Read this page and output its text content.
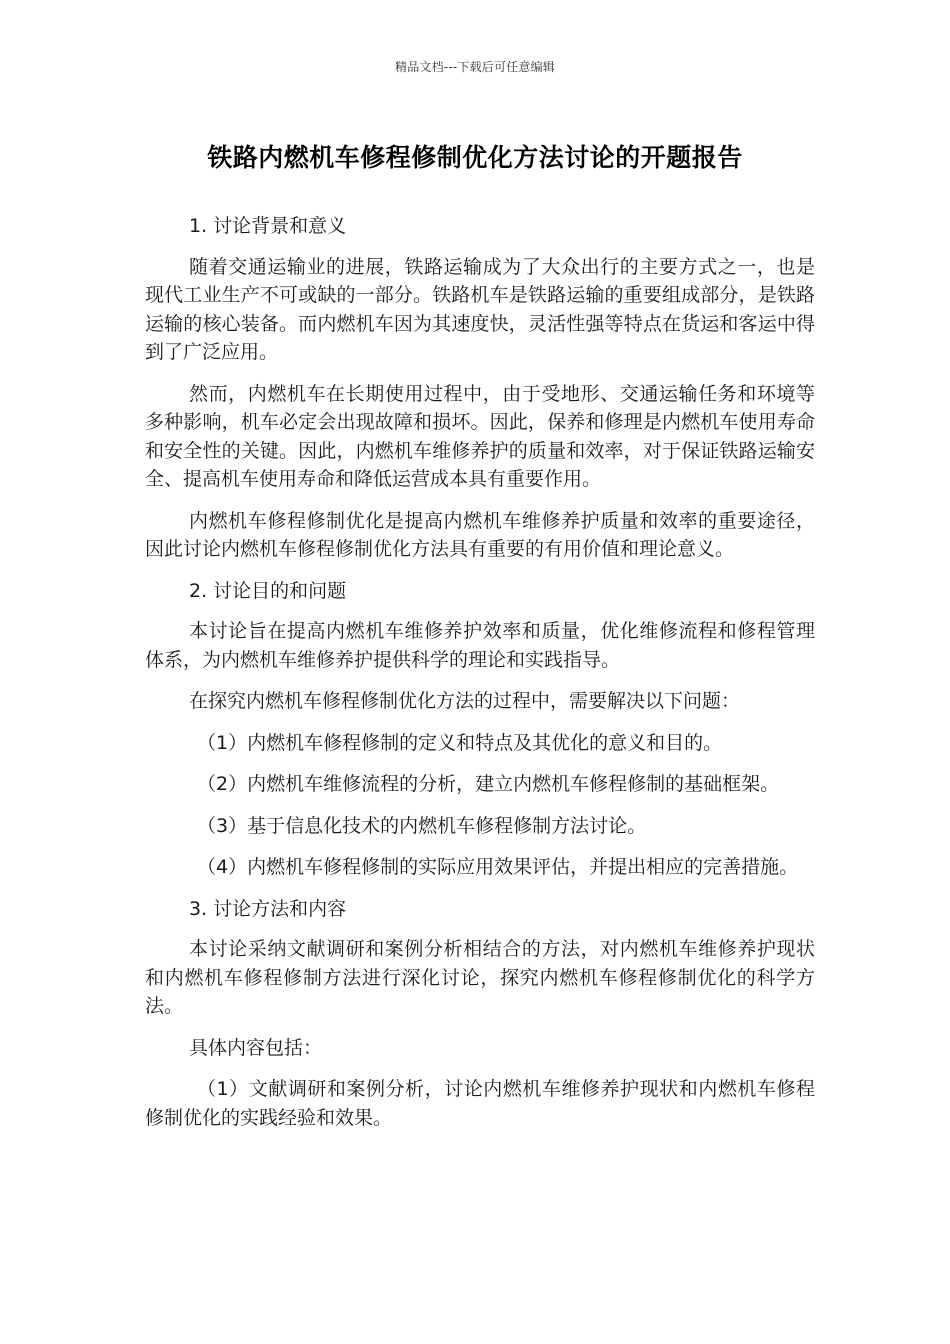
精品文档---下载后可任意编辑
铁路内燃机车修程修制优化方法讨论的开题报告

1. 讨论背景和意义

随着交通运输业的进展，铁路运输成为了大众出行的主要方式之一，也是现代工业生产不可或缺的一部分。铁路机车是铁路运输的重要组成部分，是铁路运输的核心装备。而内燃机车因为其速度快，灵活性强等特点在货运和客运中得到了广泛应用。

然而，内燃机车在长期使用过程中，由于受地形、交通运输任务和环境等多种影响，机车必定会出现故障和损坏。因此，保养和修理是内燃机车使用寿命和安全性的关键。因此，内燃机车维修养护的质量和效率，对于保证铁路运输安全、提高机车使用寿命和降低运营成本具有重要作用。

内燃机车修程修制优化是提高内燃机车维修养护质量和效率的重要途径，因此讨论内燃机车修程修制优化方法具有重要的有用价值和理论意义。

2. 讨论目的和问题

本讨论旨在提高内燃机车维修养护效率和质量，优化维修流程和修程管理体系，为内燃机车维修养护提供科学的理论和实践指导。

在探究内燃机车修程修制优化方法的过程中，需要解决以下问题：

（1）内燃机车修程修制的定义和特点及其优化的意义和目的。

（2）内燃机车维修流程的分析，建立内燃机车修程修制的基础框架。

（3）基于信息化技术的内燃机车修程修制方法讨论。

（4）内燃机车修程修制的实际应用效果评估，并提出相应的完善措施。

3. 讨论方法和内容

本讨论采纳文献调研和案例分析相结合的方法，对内燃机车维修养护现状和内燃机车修程修制方法进行深化讨论，探究内燃机车修程修制优化的科学方法。

具体内容包括：

（1）文献调研和案例分析，讨论内燃机车维修养护现状和内燃机车修程修制优化的实践经验和效果。
